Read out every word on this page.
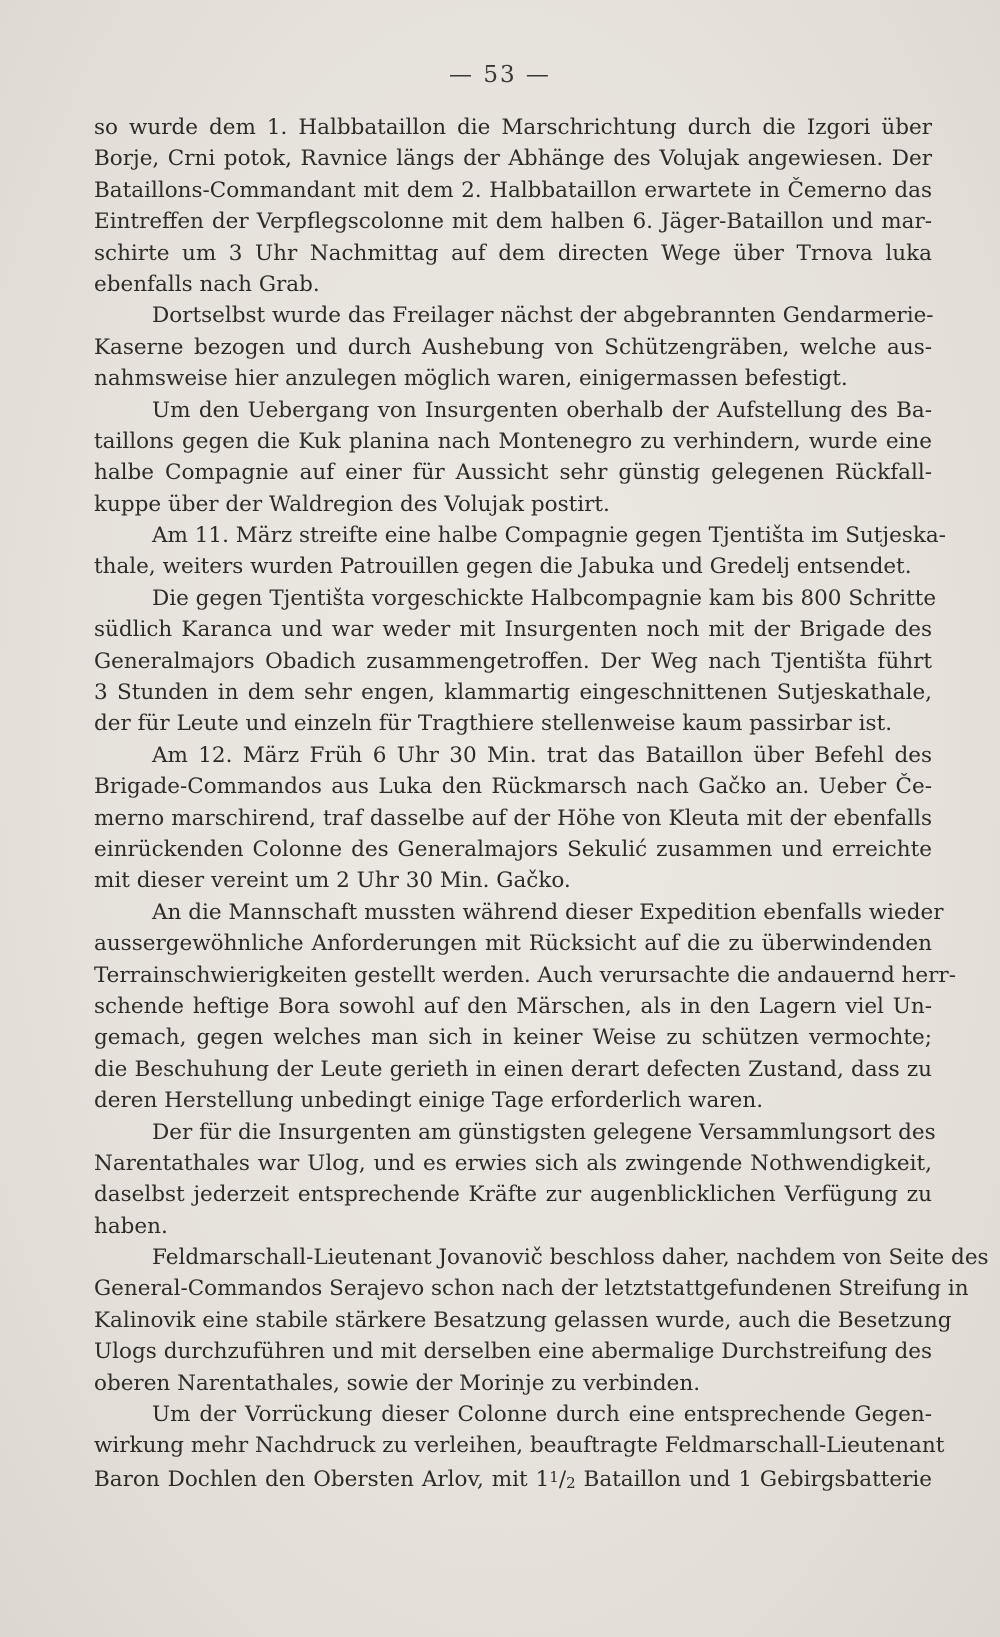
— 53 —
so wurde dem 1. Halbbataillon die Marschrichtung durch die Izgori über
Borje, Crni potok, Ravnice längs der Abhänge des Volujak angewiesen. Der
Bataillons-Commandant mit dem 2. Halbbataillon erwartete in Čemerno das
Eintreffen der Verpflegscolonne mit dem halben 6. Jäger-Bataillon und mar-
schirte um 3 Uhr Nachmittag auf dem directen Wege über Trnova luka
ebenfalls nach Grab.
Dortselbst wurde das Freilager nächst der abgebrannten Gendarmerie-
Kaserne bezogen und durch Aushebung von Schützengräben, welche aus-
nahmsweise hier anzulegen möglich waren, einigermassen befestigt.
Um den Uebergang von Insurgenten oberhalb der Aufstellung des Ba-
taillons gegen die Kuk planina nach Montenegro zu verhindern, wurde eine
halbe Compagnie auf einer für Aussicht sehr günstig gelegenen Rückfall-
kuppe über der Waldregion des Volujak postirt.
Am 11. März streifte eine halbe Compagnie gegen Tjentišta im Sutjeska-
thale, weiters wurden Patrouillen gegen die Jabuka und Gredelj entsendet.
Die gegen Tjentišta vorgeschickte Halbcompagnie kam bis 800 Schritte
südlich Karanca und war weder mit Insurgenten noch mit der Brigade des
Generalmajors Obadich zusammengetroffen. Der Weg nach Tjentišta führt
3 Stunden in dem sehr engen, klammartig eingeschnittenen Sutjeskathale,
der für Leute und einzeln für Tragthiere stellenweise kaum passirbar ist.
Am 12. März Früh 6 Uhr 30 Min. trat das Bataillon über Befehl des
Brigade-Commandos aus Luka den Rückmarsch nach Gačko an. Ueber Če-
merno marschirend, traf dasselbe auf der Höhe von Kleuta mit der ebenfalls
einrückenden Colonne des Generalmajors Sekulić zusammen und erreichte
mit dieser vereint um 2 Uhr 30 Min. Gačko.
An die Mannschaft mussten während dieser Expedition ebenfalls wieder
aussergewöhnliche Anforderungen mit Rücksicht auf die zu überwindenden
Terrainschwierigkeiten gestellt werden. Auch verursachte die andauernd herr-
schende heftige Bora sowohl auf den Märschen, als in den Lagern viel Un-
gemach, gegen welches man sich in keiner Weise zu schützen vermochte;
die Beschuhung der Leute gerieth in einen derart defecten Zustand, dass zu
deren Herstellung unbedingt einige Tage erforderlich waren.
Der für die Insurgenten am günstigsten gelegene Versammlungsort des
Narentathales war Ulog, und es erwies sich als zwingende Nothwendigkeit,
daselbst jederzeit entsprechende Kräfte zur augenblicklichen Verfügung zu
haben.
Feldmarschall-Lieutenant Jovanovič beschloss daher, nachdem von Seite des
General-Commandos Serajevo schon nach der letztstattgefundenen Streifung in
Kalinovik eine stabile stärkere Besatzung gelassen wurde, auch die Besetzung
Ulogs durchzuführen und mit derselben eine abermalige Durchstreifung des
oberen Narentathales, sowie der Morinje zu verbinden.
Um der Vorrückung dieser Colonne durch eine entsprechende Gegen-
wirkung mehr Nachdruck zu verleihen, beauftragte Feldmarschall-Lieutenant
Baron Dochlen den Obersten Arlov, mit $11/_2$ Bataillon und 1 Gebirgsbatterie
